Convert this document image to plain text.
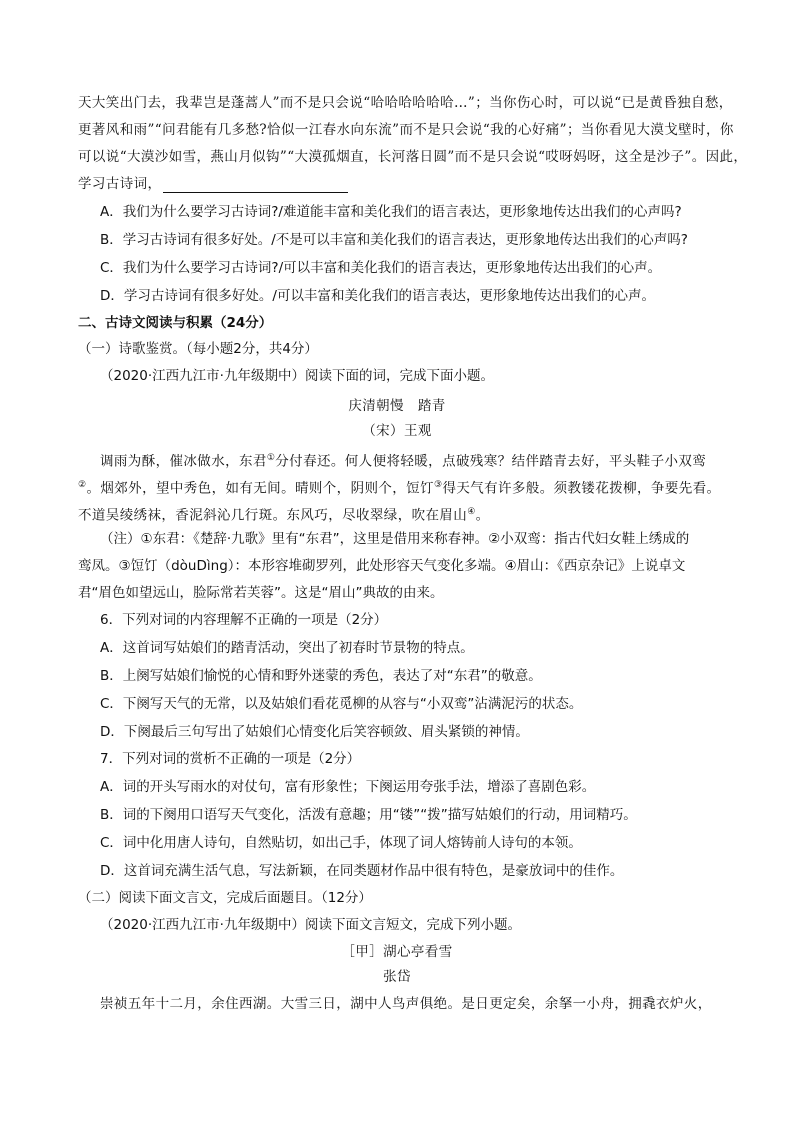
天大笑出门去，我辈岂是蓬蒿人”而不是只会说“哈哈哈哈哈哈…”；当你伤心时，可以说“已是黄昏独自愁，
更著风和雨”“问君能有几多愁?恰似一江春水向东流”而不是只会说“我的心好痛”；当你看见大漠戈壁时，你
可以说“大漠沙如雪，燕山月似钩”“大漠孤烟直，长河落日圆”而不是只会说“哎呀妈呀，这全是沙子”。因此，
学习古诗词，
A．我们为什么要学习古诗词?/难道能丰富和美化我们的语言表达，更形象地传达出我们的心声吗?
B．学习古诗词有很多好处。/不是可以丰富和美化我们的语言表达，更形象地传达出我们的心声吗?
C．我们为什么要学习古诗词?/可以丰富和美化我们的语言表达，更形象地传达出我们的心声。
D．学习古诗词有很多好处。/可以丰富和美化我们的语言表达，更形象地传达出我们的心声。
二、古诗文阅读与积累（24分）
（一）诗歌鉴赏。（每小题2分，共4分）
（2020·江西九江市·九年级期中）阅读下面的词，完成下面小题。
庆清朝慢　踏青
（宋）王观
调雨为酥，催冰做水，东君①分付春还。何人便将轻暖，点破残寒？结伴踏青去好，平头鞋子小双鸾
②。烟郊外，望中秀色，如有无间。晴则个，阴则个，饾饤③得天气有许多般。须教镂花拨柳，争要先看。
不道吴绫绣袜，香泥斜沁几行斑。东风巧，尽收翠绿，吹在眉山④。
（注）①东君：《楚辞·九歌》里有“东君”，这里是借用来称春神。②小双鸾：指古代妇女鞋上绣成的
鸾凤。③饾饤（dòuDìng）：本形容堆砌罗列，此处形容天气变化多端。④眉山：《西京杂记》上说卓文
君“眉色如望远山，脸际常若芙蓉”。这是“眉山”典故的由来。
6．下列对词的内容理解不正确的一项是（2分）
A．这首词写姑娘们的踏青活动，突出了初春时节景物的特点。
B．上阕写姑娘们愉悦的心情和野外迷蒙的秀色，表达了对“东君”的敬意。
C．下阕写天气的无常，以及姑娘们看花觅柳的从容与“小双鸾”沾满泥污的状态。
D．下阕最后三句写出了姑娘们心情变化后笑容顿敛、眉头紧锁的神情。
7．下列对词的赏析不正确的一项是（2分）
A．词的开头写雨水的对仗句，富有形象性；下阕运用夸张手法，增添了喜剧色彩。
B．词的下阕用口语写天气变化，活泼有意趣；用“镂”“拨”描写姑娘们的行动，用词精巧。
C．词中化用唐人诗句，自然贴切，如出己手，体现了词人熔铸前人诗句的本领。
D．这首词充满生活气息，写法新颖，在同类题材作品中很有特色，是豪放词中的佳作。
（二）阅读下面文言文，完成后面题目。（12分）
（2020·江西九江市·九年级期中）阅读下面文言短文，完成下列小题。
［甲］湖心亭看雪
张岱
崇祯五年十二月，余住西湖。大雪三日，湖中人鸟声俱绝。是日更定矣，余拏一小舟，拥毳衣炉火，
